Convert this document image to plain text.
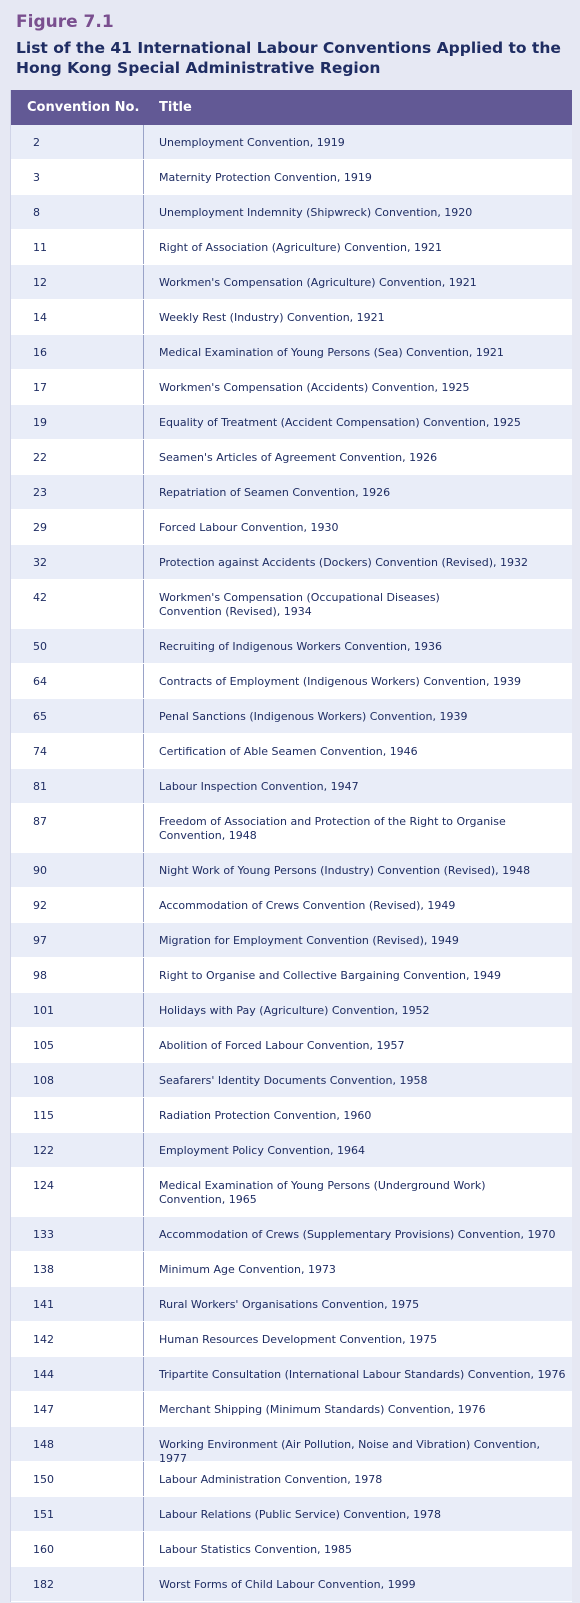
Figure 7.1
List of the 41 International Labour Conventions Applied to the Hong Kong Special Administrative Region
Convention No.	Title
2	Unemployment Convention, 1919
3	Maternity Protection Convention, 1919
8	Unemployment Indemnity (Shipwreck) Convention, 1920
11	Right of Association (Agriculture) Convention, 1921
12	Workmen's Compensation (Agriculture) Convention, 1921
14	Weekly Rest (Industry) Convention, 1921
16	Medical Examination of Young Persons (Sea) Convention, 1921
17	Workmen's Compensation (Accidents) Convention, 1925
19	Equality of Treatment (Accident Compensation) Convention, 1925
22	Seamen's Articles of Agreement Convention, 1926
23	Repatriation of Seamen Convention, 1926
29	Forced Labour Convention, 1930
32	Protection against Accidents (Dockers) Convention (Revised), 1932
42	Workmen's Compensation (Occupational Diseases)
Convention (Revised), 1934
50	Recruiting of Indigenous Workers Convention, 1936
64	Contracts of Employment (Indigenous Workers) Convention, 1939
65	Penal Sanctions (Indigenous Workers) Convention, 1939
74	Certification of Able Seamen Convention, 1946
81	Labour Inspection Convention, 1947
87	Freedom of Association and Protection of the Right to Organise
Convention, 1948
90	Night Work of Young Persons (Industry) Convention (Revised), 1948
92	Accommodation of Crews Convention (Revised), 1949
97	Migration for Employment Convention (Revised), 1949
98	Right to Organise and Collective Bargaining Convention, 1949
101	Holidays with Pay (Agriculture) Convention, 1952
105	Abolition of Forced Labour Convention, 1957
108	Seafarers' Identity Documents Convention, 1958
115	Radiation Protection Convention, 1960
122	Employment Policy Convention, 1964
124	Medical Examination of Young Persons (Underground Work)
Convention, 1965
133	Accommodation of Crews (Supplementary Provisions) Convention, 1970
138	Minimum Age Convention, 1973
141	Rural Workers' Organisations Convention, 1975
142	Human Resources Development Convention, 1975
144	Tripartite Consultation (International Labour Standards) Convention, 1976
147	Merchant Shipping (Minimum Standards) Convention, 1976
148	Working Environment (Air Pollution, Noise and Vibration) Convention, 1977
150	Labour Administration Convention, 1978
151	Labour Relations (Public Service) Convention, 1978
160	Labour Statistics Convention, 1985
182	Worst Forms of Child Labour Convention, 1999
